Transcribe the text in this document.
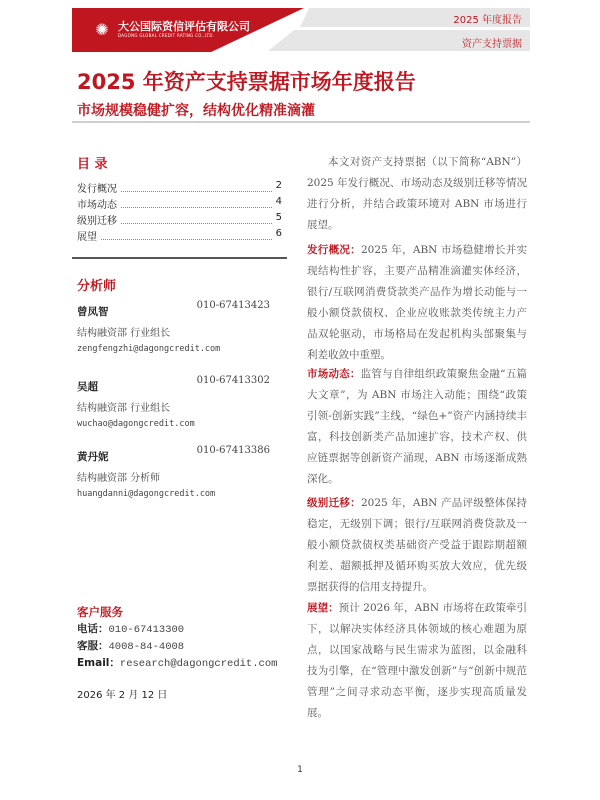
✺ 大公国际资信评估有限公司
DAGONG GLOBAL CREDIT RATING CO.,LTD.
2025 年度报告
资产支持票据
2025 年资产支持票据市场年度报告
市场规模稳健扩容，结构优化精准滴灌
目 录
发行概况	2
市场动态	4
级别迁移	5
展望	6
分析师
曾凤智
010-67413423
结构融资部 行业组长
zengfengzhi@dagongcredit.com
吴超
010-67413302
结构融资部 行业组长
wuchao@dagongcredit.com
黄丹妮
010-67413386
结构融资部 分析师
huangdanni@dagongcredit.com
客户服务
电话：010-67413300
客服：4008-84-4008
Email：research@dagongcredit.com
2026 年 2 月 12 日
本文对资产支持票据（以下简称“ABN”）2025 年发行概况、市场动态及级别迁移等情况进行分析，并结合政策环境对 ABN 市场进行展望。
发行概况：2025 年，ABN 市场稳健增长并实现结构性扩容，主要产品精准滴灌实体经济，银行/互联网消费贷款类产品作为增长动能与一般小额贷款债权、企业应收账款类传统主力产品双轮驱动，市场格局在发起机构头部聚集与利差收敛中重塑。
市场动态：监管与自律组织政策聚焦金融“五篇大文章”，为 ABN 市场注入动能；围绕“政策引领-创新实践”主线，“绿色+”资产内涵持续丰富，科技创新类产品加速扩容，技术产权、供应链票据等创新资产涌现，ABN 市场逐渐成熟深化。
级别迁移：2025 年，ABN 产品评级整体保持稳定，无级别下调；银行/互联网消费贷款及一般小额贷款债权类基础资产受益于跟踪期超额利差、超额抵押及循环购买放大效应，优先级票据获得的信用支持提升。
展望：预计 2026 年，ABN 市场将在政策牵引下，以解决实体经济具体领域的核心难题为原点，以国家战略与民生需求为蓝图，以金融科技为引擎，在“管理中激发创新”与“创新中规范管理”之间寻求动态平衡，逐步实现高质量发展。
1
